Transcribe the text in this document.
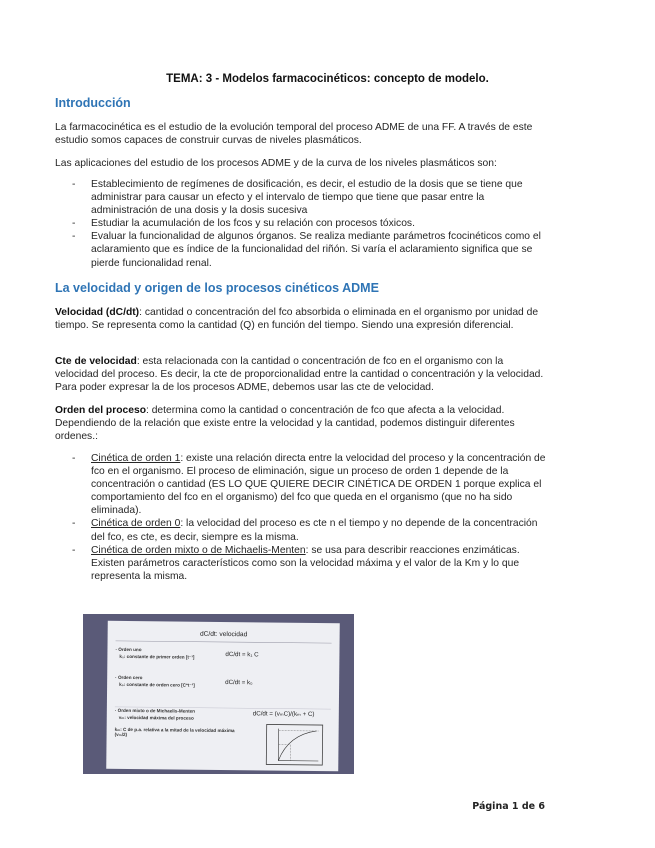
TEMA: 3 - Modelos farmacocinéticos: concepto de modelo.
Introducción
La farmacocinética es el estudio de la evolución temporal del proceso ADME de una FF. A través de este estudio somos capaces de construir curvas de niveles plasmáticos.
Las aplicaciones del estudio de los procesos ADME y de la curva de los niveles plasmáticos son:
- Establecimiento de regímenes de dosificación, es decir, el estudio de la dosis que se tiene que administrar para causar un efecto y el intervalo de tiempo que tiene que pasar entre la administración de una dosis y la dosis sucesiva
- Estudiar la acumulación de los fcos y su relación con procesos tóxicos.
- Evaluar la funcionalidad de algunos órganos. Se realiza mediante parámetros fcocinéticos como el aclaramiento que es índice de la funcionalidad del riñón. Si varía el aclaramiento significa que se pierde funcionalidad renal.
La velocidad y origen de los procesos cinéticos ADME
Velocidad (dC/dt): cantidad o concentración del fco absorbida o eliminada en el organismo por unidad de tiempo. Se representa como la cantidad (Q) en función del tiempo. Siendo una expresión diferencial.
Cte de velocidad: esta relacionada con la cantidad o concentración de fco en el organismo con la velocidad del proceso. Es decir, la cte de proporcionalidad entre la cantidad o concentración y la velocidad. Para poder expresar la de los procesos ADME, debemos usar las cte de velocidad.
Orden del proceso: determina como la cantidad o concentración de fco que afecta a la velocidad. Dependiendo de la relación que existe entre la velocidad y la cantidad, podemos distinguir diferentes ordenes.:
- Cinética de orden 1: existe una relación directa entre la velocidad del proceso y la concentración de fco en el organismo. El proceso de eliminación, sigue un proceso de orden 1 depende de la concentración o cantidad (ES LO QUE QUIERE DECIR CINÉTICA DE ORDEN 1 porque explica el comportamiento del fco en el organismo) del fco que queda en el organismo (que no ha sido eliminada).
- Cinética de orden 0: la velocidad del proceso es cte n el tiempo y no depende de la concentración del fco, es cte, es decir, siempre es la misma.
- Cinética de orden mixto o de Michaelis-Menten: se usa para describir reacciones enzimáticas. Existen parámetros característicos como son la velocidad máxima y el valor de la Km y lo que representa la misma.
dC/dt: velocidad
· Orden uno
k₁: constante de primer orden [t⁻¹]	dC/dt = k₁ C
· Orden cero
k₀: constante de orden cero [C*t⁻¹]	dC/dt = k₀
· Orden mixto o de Michaelis-Menten
vₘ: velocidad máxima del proceso	dC/dt = (vₘC)/(kₘ + C)
kₘ: C de p.a. relativa a la mitad de la velocidad máxima (vₘ/2)
Página 1 de 6
